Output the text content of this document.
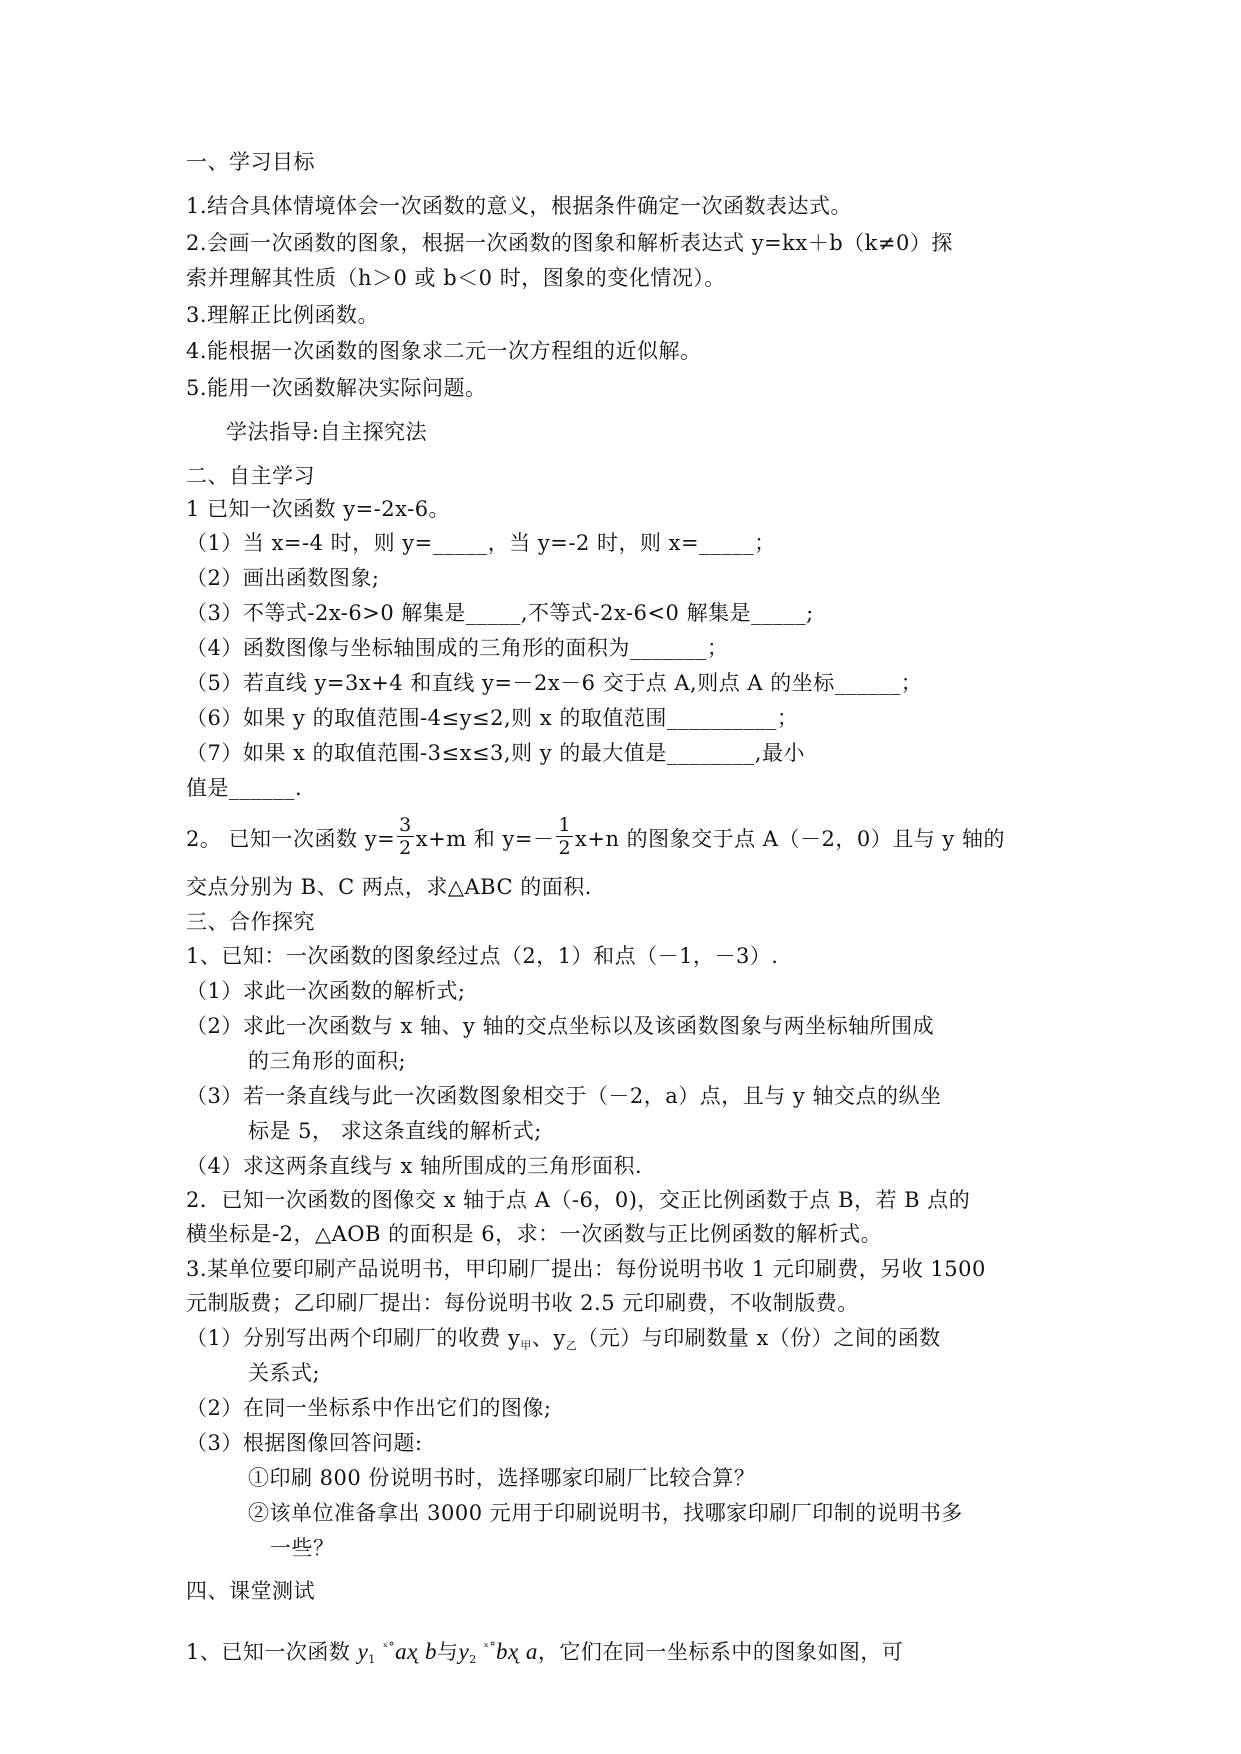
一、学习目标
1.结合具体情境体会一次函数的意义，根据条件确定一次函数表达式。
2.会画一次函数的图象，根据一次函数的图象和解析表达式 y=kx＋b（k≠0）探
索并理解其性质（h＞0 或 b＜0 时，图象的变化情况）。
3.理解正比例函数。
4.能根据一次函数的图象求二元一次方程组的近似解。
5.能用一次函数解决实际问题。
学法指导:自主探究法
二、自主学习
1 已知一次函数 y=-2x-6。
（1）当 x=-4 时，则 y=_____，当 y=-2 时，则 x=_____；
（2）画出函数图象;
（3）不等式-2x-6>0 解集是_____,不等式-2x-6<0 解集是_____;
（4）函数图像与坐标轴围成的三角形的面积为_______；
（5）若直线 y=3x+4 和直线 y=－2x－6 交于点 A,则点 A 的坐标______；
（6）如果 y 的取值范围-4≤y≤2,则 x 的取值范围__________；
（7）如果 x 的取值范围-3≤x≤3,则 y 的最大值是________,最小
值是______.
2。 已知一次函数 $y= \frac{3}{2} x+m$ 和 $y=- \frac{1}{2} x+n$ 的图象交于点 A（－2，0）且与 y 轴的
交点分别为 B、C 两点，求△ABC 的面积.
三、合作探究
1、已知：一次函数的图象经过点（2，1）和点（－1，－3）.
（1）求此一次函数的解析式;
（2）求此一次函数与 x 轴、y 轴的交点坐标以及该函数图象与两坐标轴所围成
的三角形的面积;
（3）若一条直线与此一次函数图象相交于（－2，a）点，且与 y 轴交点的纵坐
标是 5， 求这条直线的解析式;
（4）求这两条直线与 x 轴所围成的三角形面积.
2．已知一次函数的图像交 x 轴于点 A（-6，0)，交正比例函数于点 B，若 B 点的
横坐标是-2，△AOB 的面积是 6，求：一次函数与正比例函数的解析式。
3.某单位要印刷产品说明书，甲印刷厂提出：每份说明书收 1 元印刷费，另收 1500
元制版费；乙印刷厂提出：每份说明书收 2.5 元印刷费，不收制版费。
（1）分别写出两个印刷厂的收费 $y_甲$、$y_乙$（元）与印刷数量 x（份）之间的函数
关系式;
（2）在同一坐标系中作出它们的图像;
（3）根据图像回答问题:
①印刷 800 份说明书时，选择哪家印刷厂比较合算？
②该单位准备拿出 3000 元用于印刷说明书，找哪家印刷厂印制的说明书多
一些？
四、课堂测试
1、已知一次函数 $y_1$ $^{ˣ^\circ}$ax̨ b与$y_2$ $^{ˣ^\circ}$bx̨ a，它们在同一坐标系中的图象如图，可
